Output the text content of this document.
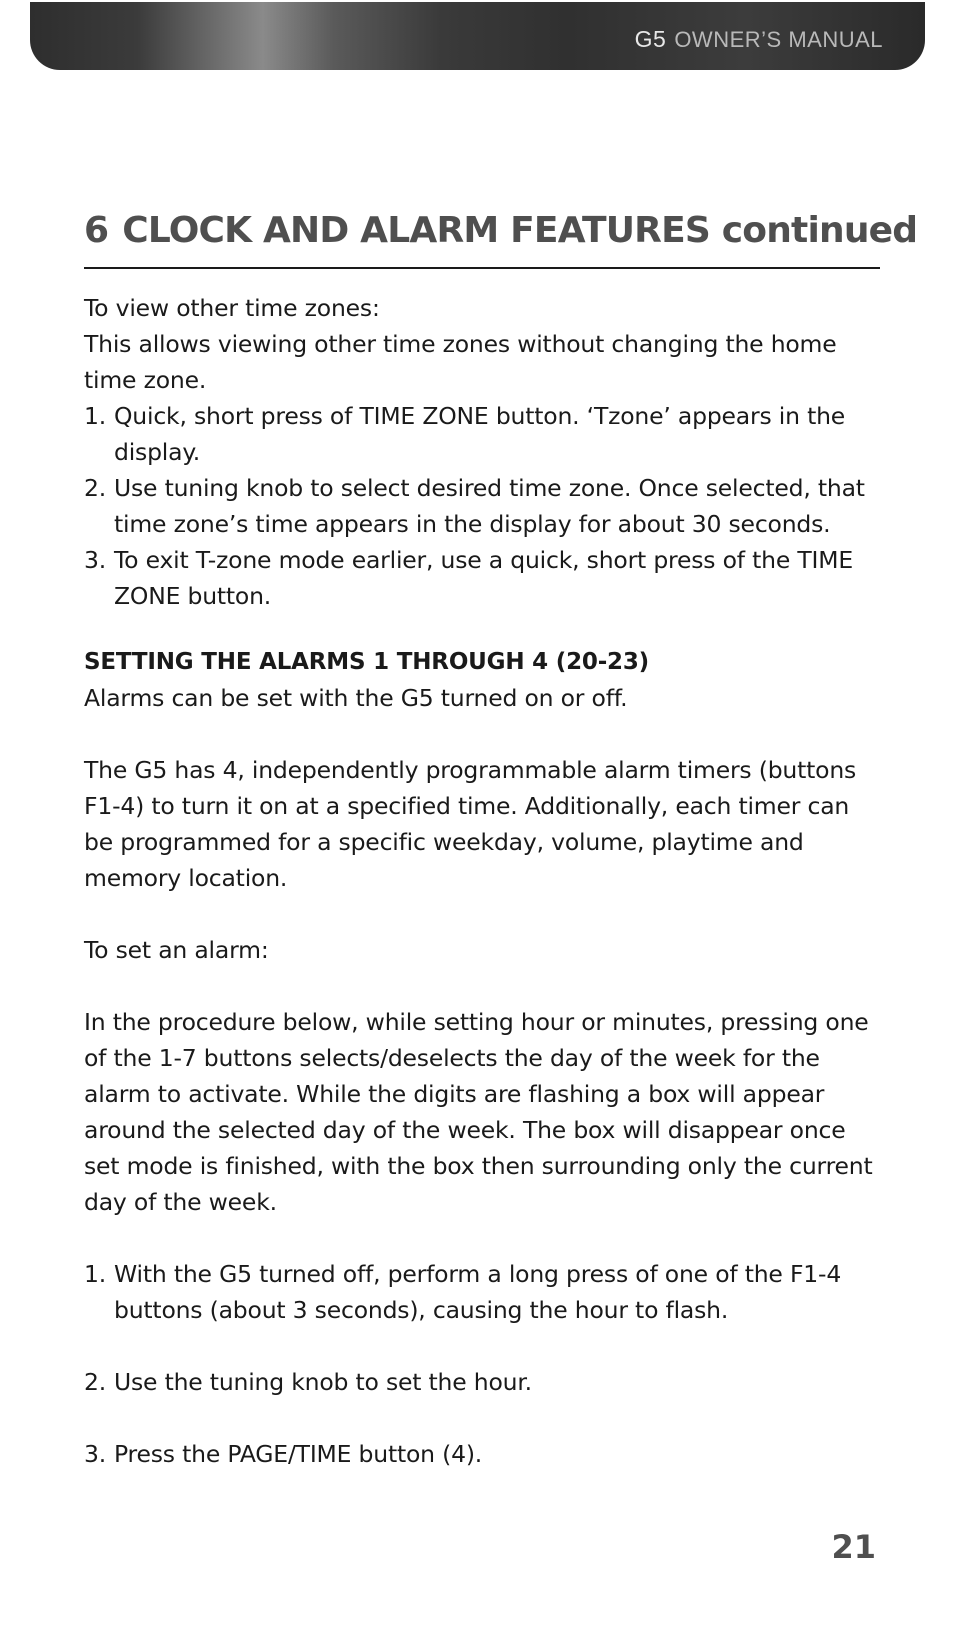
G5 OWNER’S MANUAL
6 CLOCK AND ALARM FEATURES continued

To view other time zones:

This allows viewing other time zones without changing the home time zone.

1. Quick, short press of TIME ZONE button. ‘Tzone’ appears in the display.
2. Use tuning knob to select desired time zone. Once selected, that time zone’s time appears in the display for about 30 seconds.
3. To exit T-zone mode earlier, use a quick, short press of the TIME ZONE button.

SETTING THE ALARMS 1 THROUGH 4 (20-23)

Alarms can be set with the G5 turned on or off.

The G5 has 4, independently programmable alarm timers (buttons F1-4) to turn it on at a specified time. Additionally, each timer can be programmed for a specific weekday, volume, playtime and memory location.

To set an alarm:

In the procedure below, while setting hour or minutes, pressing one of the 1-7 buttons selects/deselects the day of the week for the alarm to activate. While the digits are flashing a box will appear around the selected day of the week. The box will disappear once set mode is finished, with the box then surrounding only the current day of the week.

1. With the G5 turned off, perform a long press of one of the F1-4 buttons (about 3 seconds), causing the hour to flash.
2. Use the tuning knob to set the hour.
3. Press the PAGE/TIME button (4).
21
